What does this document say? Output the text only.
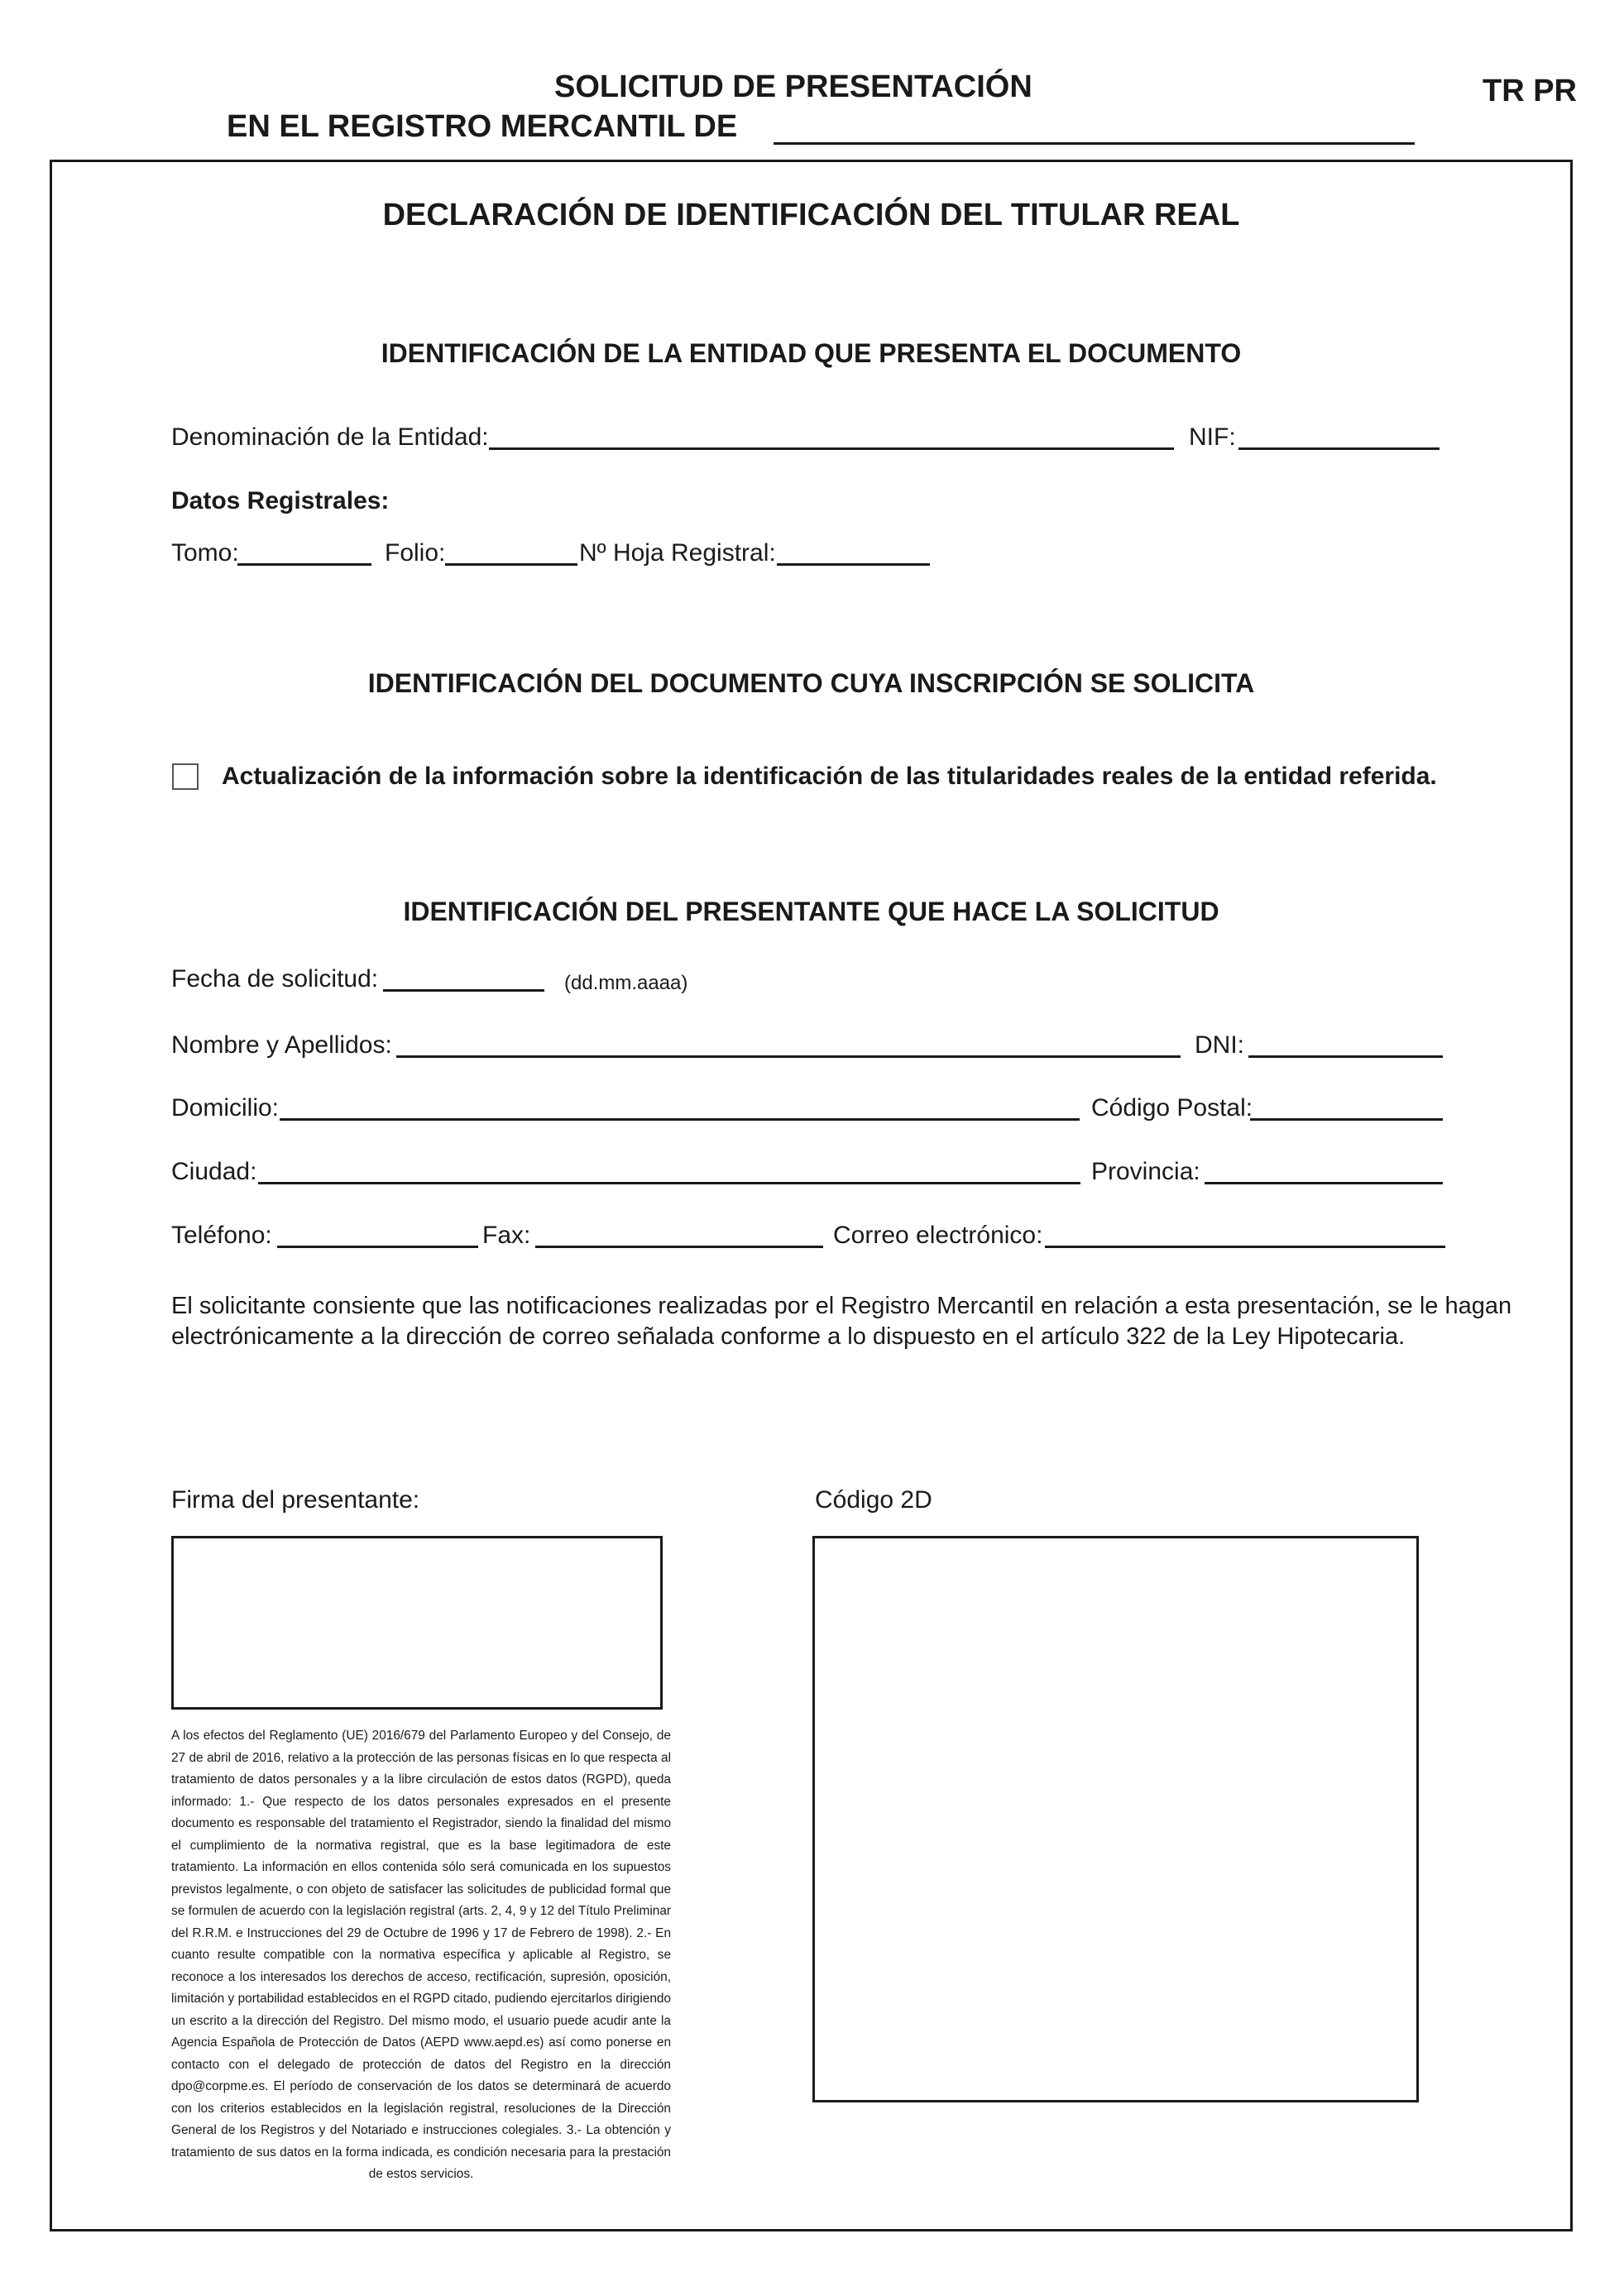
SOLICITUD DE PRESENTACIÓN
EN EL REGISTRO MERCANTIL DE
TR PR
DECLARACIÓN DE IDENTIFICACIÓN DEL TITULAR REAL
IDENTIFICACIÓN DE LA ENTIDAD QUE PRESENTA EL DOCUMENTO
Denominación de la Entidad:	NIF:
Datos Registrales:
Tomo:	Folio:	Nº Hoja Registral:
IDENTIFICACIÓN DEL DOCUMENTO CUYA INSCRIPCIÓN SE SOLICITA
Actualización de la información sobre la identificación de las titularidades reales de la entidad referida.
IDENTIFICACIÓN DEL PRESENTANTE QUE HACE LA SOLICITUD
Fecha de solicitud:	(dd.mm.aaaa)
Nombre y Apellidos:	DNI:
Domicilio:	Código Postal:
Ciudad:	Provincia:
Teléfono:	Fax:	Correo electrónico:
El solicitante consiente que las notificaciones realizadas por el Registro Mercantil en relación a esta presentación, se le hagan
electrónicamente a la dirección de correo señalada conforme a lo dispuesto en el artículo 322 de la Ley Hipotecaria.
Firma del presentante:	Código 2D
A los efectos del Reglamento (UE) 2016/679 del Parlamento Europeo y del Consejo, de 27 de abril de 2016, relativo a la protección de las personas físicas en lo que respecta al tratamiento de datos personales y a la libre circulación de estos datos (RGPD), queda informado: 1.- Que respecto de los datos personales expresados en el presente documento es responsable del tratamiento el Registrador, siendo la finalidad del mismo el cumplimiento de la normativa registral, que es la base legitimadora de este tratamiento. La información en ellos contenida sólo será comunicada en los supuestos previstos legalmente, o con objeto de satisfacer las solicitudes de publicidad formal que se formulen de acuerdo con la legislación registral (arts. 2, 4, 9 y 12 del Título Preliminar del R.R.M. e Instrucciones del 29 de Octubre de 1996 y 17 de Febrero de 1998). 2.- En cuanto resulte compatible con la normativa específica y aplicable al Registro, se reconoce a los interesados los derechos de acceso, rectificación, supresión, oposición, limitación y portabilidad establecidos en el RGPD citado, pudiendo ejercitarlos dirigiendo un escrito a la dirección del Registro. Del mismo modo, el usuario puede acudir ante la Agencia Española de Protección de Datos (AEPD www.aepd.es) así como ponerse en contacto con el delegado de protección de datos del Registro en la dirección dpo@corpme.es. El período de conservación de los datos se determinará de acuerdo con los criterios establecidos en la legislación registral, resoluciones de la Dirección General de los Registros y del Notariado e instrucciones colegiales. 3.- La obtención y tratamiento de sus datos en la forma indicada, es condición necesaria para la prestación de estos servicios.
